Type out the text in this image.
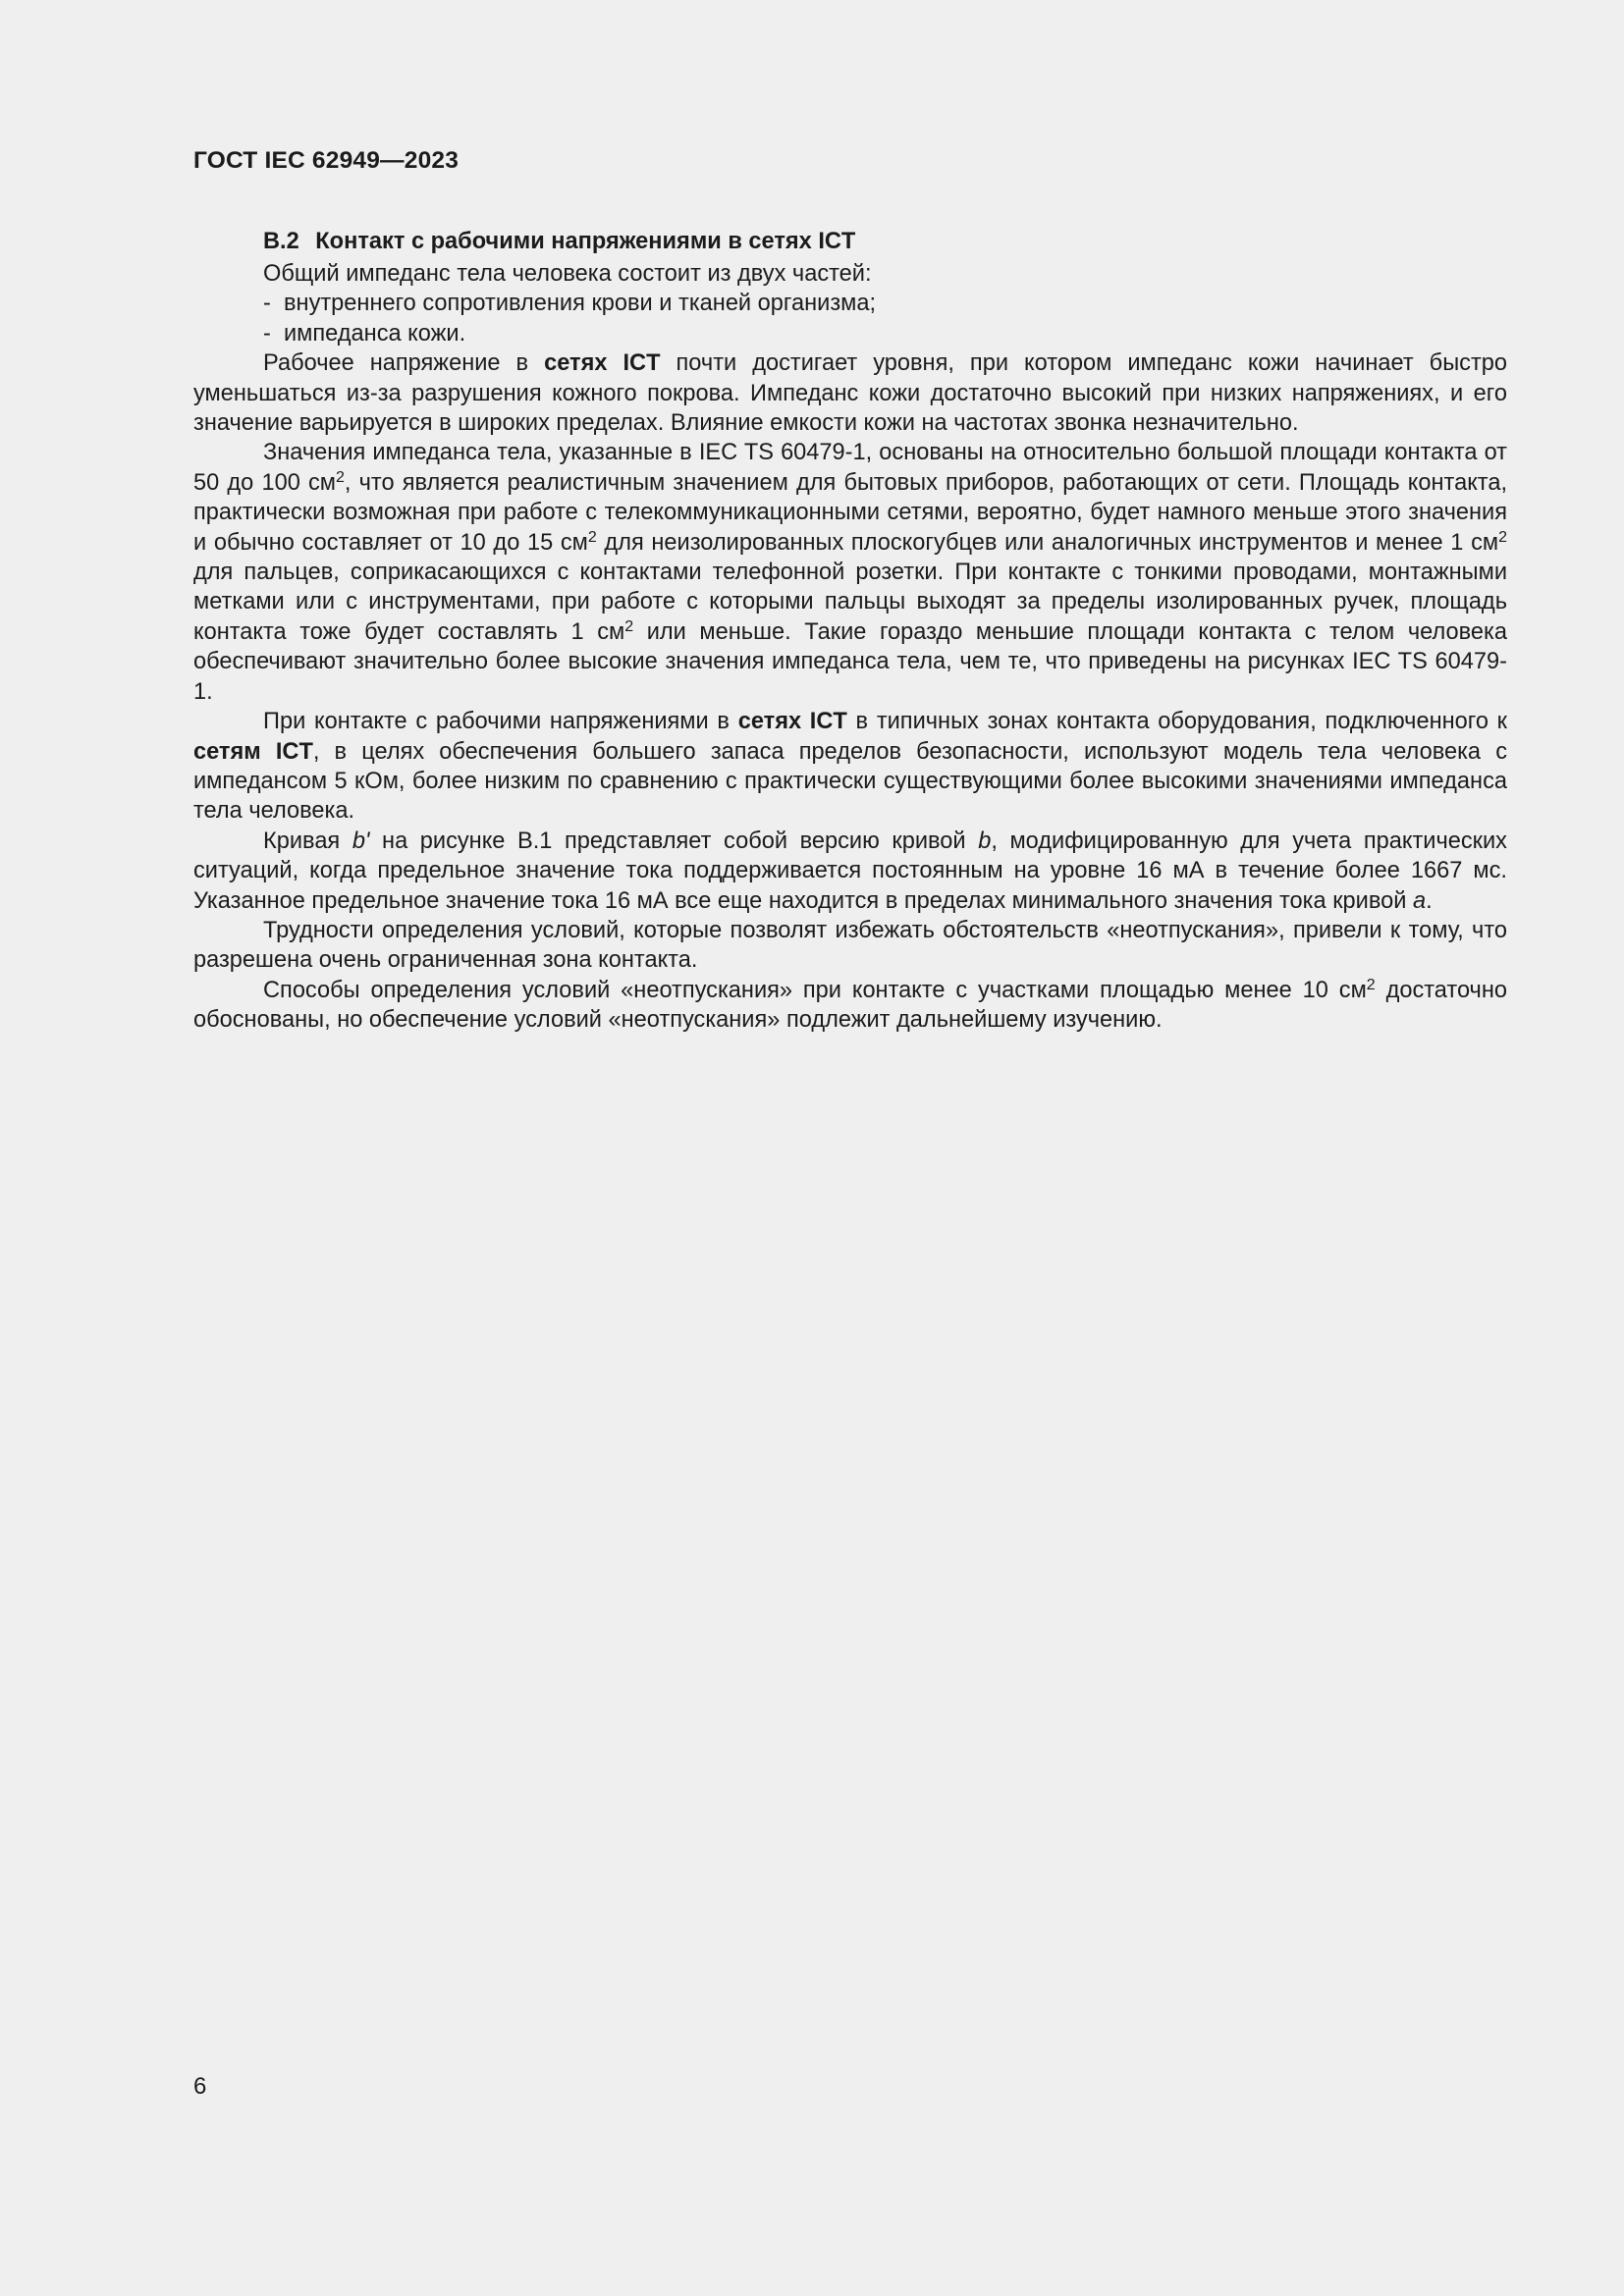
ГОСТ IEC 62949—2023
В.2 Контакт с рабочими напряжениями в сетях ICT

Общий импеданс тела человека состоит из двух частей:

- внутреннего сопротивления крови и тканей организма;

- импеданса кожи.

Рабочее напряжение в сетях ICT почти достигает уровня, при котором импеданс кожи начинает быстро уменьшаться из-за разрушения кожного покрова. Импеданс кожи достаточно высокий при низких напряжениях, и его значение варьируется в широких пределах. Влияние емкости кожи на частотах звонка незначительно.

Значения импеданса тела, указанные в IEC TS 60479-1, основаны на относительно большой площади контакта от 50 до 100 $см^2$, что является реалистичным значением для бытовых приборов, работающих от сети. Площадь контакта, практически возможная при работе с телекоммуникационными сетями, вероятно, будет намного меньше этого значения и обычно составляет от 10 до 15 $см^2$ для неизолированных плоскогубцев или аналогичных инструментов и менее 1 $см^2$ для пальцев, соприкасающихся с контактами телефонной розетки. При контакте с тонкими проводами, монтажными метками или с инструментами, при работе с которыми пальцы выходят за пределы изолированных ручек, площадь контакта тоже будет составлять 1 $см^2$ или меньше. Такие гораздо меньшие площади контакта с телом человека обеспечивают значительно более высокие значения импеданса тела, чем те, что приведены на рисунках IEC TS 60479-1.

При контакте с рабочими напряжениями в сетях ICT в типичных зонах контакта оборудования, подключенного к сетям ICT, в целях обеспечения большего запаса пределов безопасности, используют модель тела человека с импедансом 5 кОм, более низким по сравнению с практически существующими более высокими значениями импеданса тела человека.

Кривая b' на рисунке В.1 представляет собой версию кривой b, модифицированную для учета практических ситуаций, когда предельное значение тока поддерживается постоянным на уровне 16 мА в течение более 1667 мс. Указанное предельное значение тока 16 мА все еще находится в пределах минимального значения тока кривой a.

Трудности определения условий, которые позволят избежать обстоятельств «неотпускания», привели к тому, что разрешена очень ограниченная зона контакта.

Способы определения условий «неотпускания» при контакте с участками площадью менее 10 $см^2$ достаточно обоснованы, но обеспечение условий «неотпускания» подлежит дальнейшему изучению.

6
